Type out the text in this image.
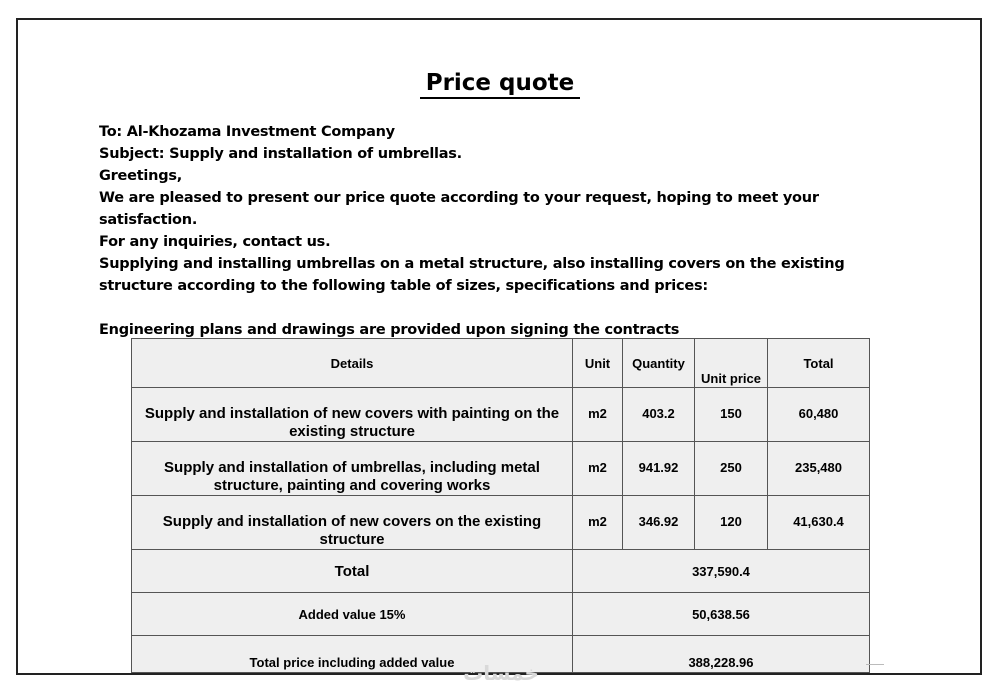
Price quote

To: Al-Khozama Investment Company

Subject: Supply and installation of umbrellas.

Greetings,

We are pleased to present our price quote according to your request, hoping to meet your satisfaction.

For any inquiries, contact us.

Supplying and installing umbrellas on a metal structure, also installing covers on the existing structure according to the following table of sizes, specifications and prices:

Engineering plans and drawings are provided upon signing the contracts

Details	Unit	Quantity	Unit price	Total
Supply and installation of new covers with painting on the existing structure	m2	403.2	150	60,480
Supply and installation of umbrellas, including metal structure, painting and covering works	m2	941.92	250	235,480
Supply and installation of new covers on the existing structure	m2	346.92	120	41,630.4
Total	337,590.4			
Added value 15%	50,638.56			
Total price including added value	388,228.96			
خمسات
